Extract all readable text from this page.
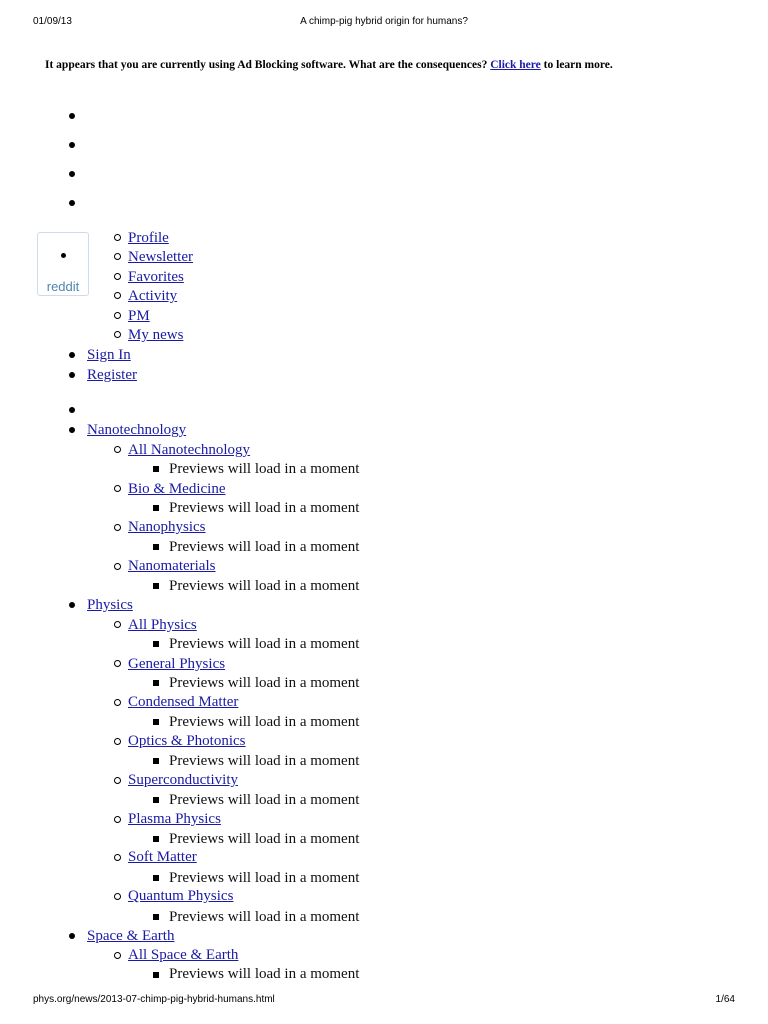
01/09/13	A chimp-pig hybrid origin for humans?
It appears that you are currently using Ad Blocking software. What are the consequences? Click here to learn more.
reddit
Profile
Newsletter
Favorites
Activity
PM
My news
Sign In
Register
Nanotechnology
All Nanotechnology
Previews will load in a moment
Bio & Medicine
Previews will load in a moment
Nanophysics
Previews will load in a moment
Nanomaterials
Previews will load in a moment
Physics
All Physics
Previews will load in a moment
General Physics
Previews will load in a moment
Condensed Matter
Previews will load in a moment
Optics & Photonics
Previews will load in a moment
Superconductivity
Previews will load in a moment
Plasma Physics
Previews will load in a moment
Soft Matter
Previews will load in a moment
Quantum Physics
Previews will load in a moment
Space & Earth
All Space & Earth
Previews will load in a moment
phys.org/news/2013-07-chimp-pig-hybrid-humans.html	1/64
